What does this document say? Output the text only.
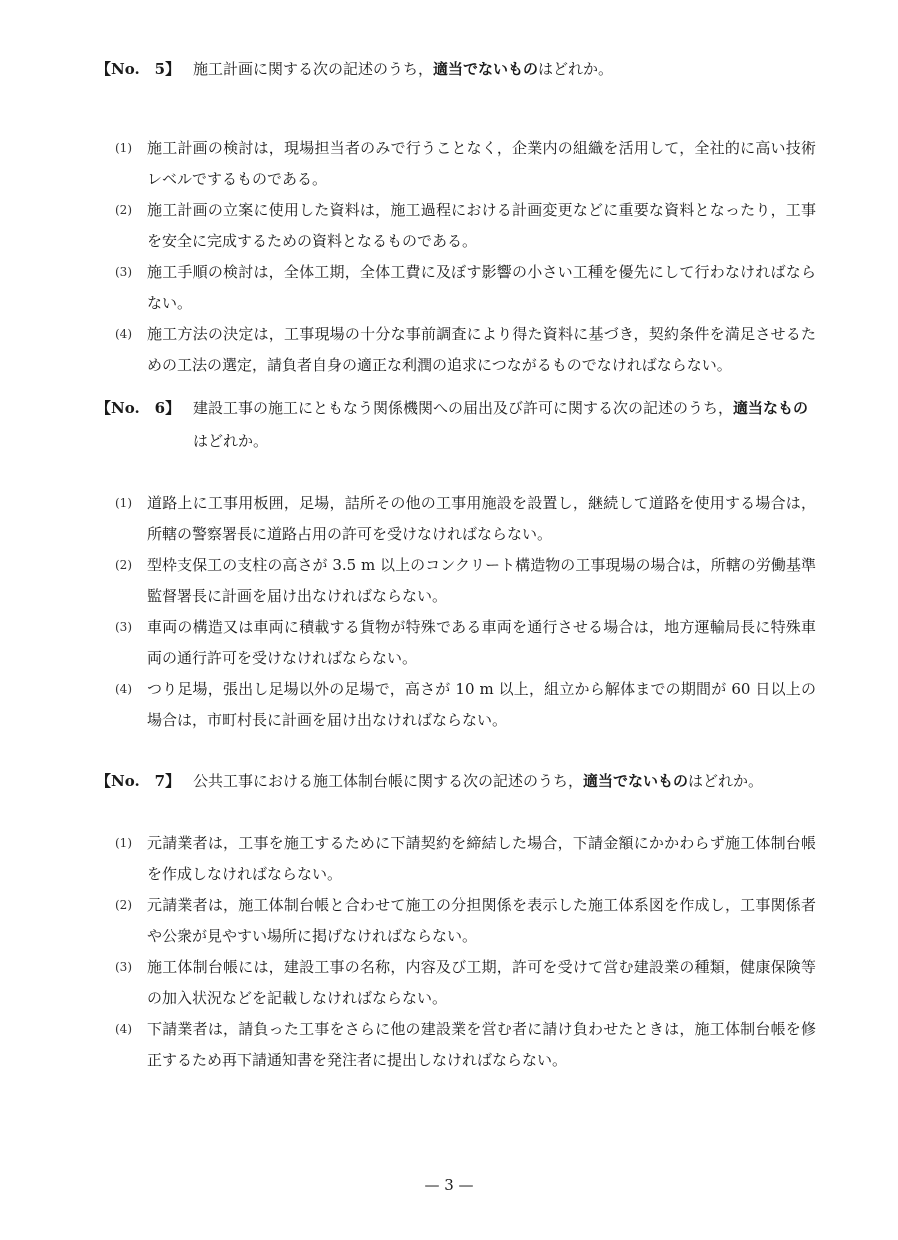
【No.　5】 施工計画に関する次の記述のうち，適当でないものはどれか。
(1) 施工計画の検討は，現場担当者のみで行うことなく，企業内の組織を活用して，全社的に高い技術レベルでするものである。
(2) 施工計画の立案に使用した資料は，施工過程における計画変更などに重要な資料となったり，工事を安全に完成するための資料となるものである。
(3) 施工手順の検討は，全体工期，全体工費に及ぼす影響の小さい工種を優先にして行わなければならない。
(4) 施工方法の決定は，工事現場の十分な事前調査により得た資料に基づき，契約条件を満足させるための工法の選定，請負者自身の適正な利潤の追求につながるものでなければならない。
【No.　6】 建設工事の施工にともなう関係機関への届出及び許可に関する次の記述のうち，適当なものはどれか。
(1) 道路上に工事用板囲，足場，詰所その他の工事用施設を設置し，継続して道路を使用する場合は，所轄の警察署長に道路占用の許可を受けなければならない。
(2) 型枠支保工の支柱の高さが 3.5 m 以上のコンクリート構造物の工事現場の場合は，所轄の労働基準監督署長に計画を届け出なければならない。
(3) 車両の構造又は車両に積載する貨物が特殊である車両を通行させる場合は，地方運輸局長に特殊車両の通行許可を受けなければならない。
(4) つり足場，張出し足場以外の足場で，高さが 10 m 以上，組立から解体までの期間が 60 日以上の場合は，市町村長に計画を届け出なければならない。
【No.　7】 公共工事における施工体制台帳に関する次の記述のうち，適当でないものはどれか。
(1) 元請業者は，工事を施工するために下請契約を締結した場合，下請金額にかかわらず施工体制台帳を作成しなければならない。
(2) 元請業者は，施工体制台帳と合わせて施工の分担関係を表示した施工体系図を作成し，工事関係者や公衆が見やすい場所に掲げなければならない。
(3) 施工体制台帳には，建設工事の名称，内容及び工期，許可を受けて営む建設業の種類，健康保険等の加入状況などを記載しなければならない。
(4) 下請業者は，請負った工事をさらに他の建設業を営む者に請け負わせたときは，施工体制台帳を修正するため再下請通知書を発注者に提出しなければならない。
— 3 —
